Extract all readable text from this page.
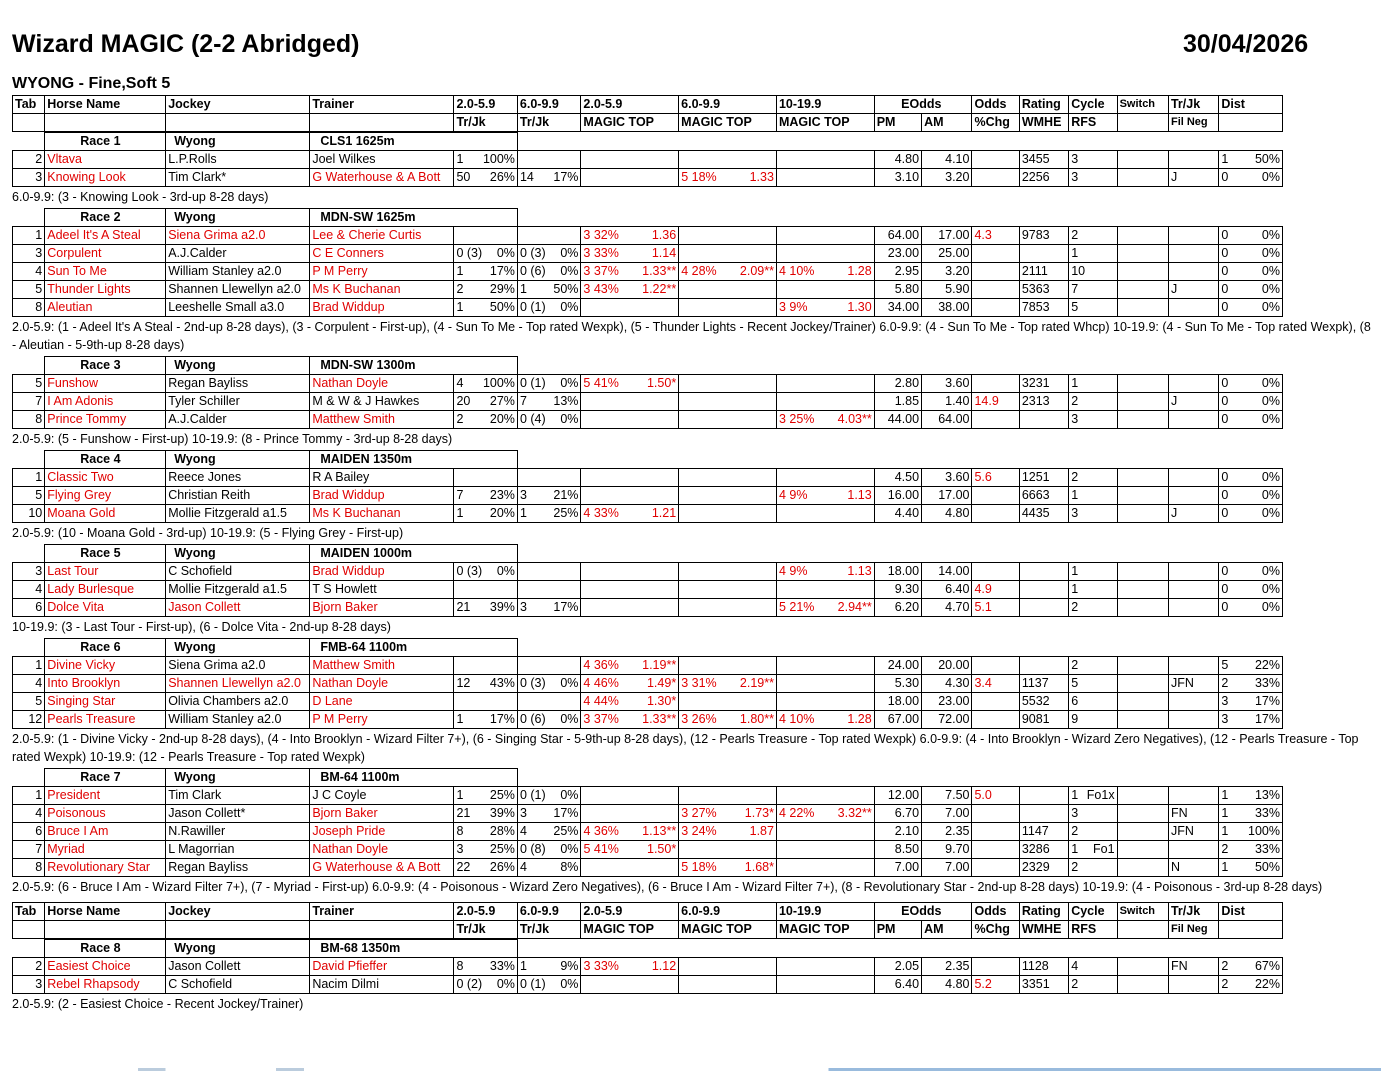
Wizard MAGIC (2-2 Abridged)	30/04/2026
WYONG - Fine,Soft 5
Tab	Horse Name	Jockey	Trainer	2.0-5.9	6.0-9.9	2.0-5.9	6.0-9.9	10-19.9	EOdds		Odds	Rating	Cycle	Switch	Tr/Jk	Dist
				Tr/Jk	Tr/Jk	MAGIC TOP	MAGIC TOP	MAGIC TOP	PM	AM	%Chg	WMHE	RFS		Fil Neg	
	Race 1	Wyong	CLS1 1625m													
2	Vltava	L.P.Rolls	Joel Wilkes	1 100%					4.80	4.10		3455	3			1 50%

3	Knowing Look	Tim Clark*	G Waterhouse & A Bott	50 26%	14 17%		5 18% 1.33		3.10	3.20		2256	3		J	0 0%
6.0-9.9: (3 - Knowing Look - 3rd-up 8-28 days)
	Race 2	Wyong	MDN-SW 1625m													
1	Adeel It's A Steal	Siena Grima a2.0	Lee & Cherie Curtis			3 32% 1.36			64.00	17.00	4.3	9783	2			0 0%

3	Corpulent	A.J.Calder	C E Conners	0 (3) 0%	0 (3) 0%	3 33% 1.14			23.00	25.00			1			0 0%

4	Sun To Me	William Stanley a2.0	P M Perry	1 17%	0 (6) 0%	3 37% 1.33**	4 28% 2.09**	4 10% 1.28	2.95	3.20		2111	10			0 0%

5	Thunder Lights	Shannen Llewellyn a2.0	Ms K Buchanan	2 29%	1 50%	3 43% 1.22**			5.80	5.90		5363	7		J	0 0%

8	Aleutian	Leeshelle Small a3.0	Brad Widdup	1 50%	0 (1) 0%			3 9% 1.30	34.00	38.00		7853	5			0 0%
2.0-5.9: (1 - Adeel It's A Steal - 2nd-up 8-28 days), (3 - Corpulent - First-up), (4 - Sun To Me - Top rated Wexpk), (5 - Thunder Lights - Recent Jockey/Trainer) 6.0-9.9: (4 - Sun To Me - Top rated Whcp) 10-19.9: (4 - Sun To Me - Top rated Wexpk), (8 - Aleutian - 5-9th-up 8-28 days)
	Race 3	Wyong	MDN-SW 1300m													
5	Funshow	Regan Bayliss	Nathan Doyle	4 100%	0 (1) 0%	5 41% 1.50*			2.80	3.60		3231	1			0 0%

7	I Am Adonis	Tyler Schiller	M & W & J Hawkes	20 27%	7 13%				1.85	1.40	14.9	2313	2		J	0 0%

8	Prince Tommy	A.J.Calder	Matthew Smith	2 20%	0 (4) 0%			3 25% 4.03**	44.00	64.00			3			0 0%
2.0-5.9: (5 - Funshow - First-up) 10-19.9: (8 - Prince Tommy - 3rd-up 8-28 days)
	Race 4	Wyong	MAIDEN 1350m													
1	Classic Two	Reece Jones	R A Bailey						4.50	3.60	5.6	1251	2			0 0%

5	Flying Grey	Christian Reith	Brad Widdup	7 23%	3 21%			4 9% 1.13	16.00	17.00		6663	1			0 0%

10	Moana Gold	Mollie Fitzgerald a1.5	Ms K Buchanan	1 20%	1 25%	4 33% 1.21			4.40	4.80		4435	3		J	0 0%
2.0-5.9: (10 - Moana Gold - 3rd-up) 10-19.9: (5 - Flying Grey - First-up)
	Race 5	Wyong	MAIDEN 1000m													
3	Last Tour	C Schofield	Brad Widdup	0 (3) 0%				4 9% 1.13	18.00	14.00			1			0 0%

4	Lady Burlesque	Mollie Fitzgerald a1.5	T S Howlett						9.30	6.40	4.9		1			0 0%

6	Dolce Vita	Jason Collett	Bjorn Baker	21 39%	3 17%			5 21% 2.94**	6.20	4.70	5.1		2			0 0%
10-19.9: (3 - Last Tour - First-up), (6 - Dolce Vita - 2nd-up 8-28 days)
	Race 6	Wyong	FMB-64 1100m													
1	Divine Vicky	Siena Grima a2.0	Matthew Smith			4 36% 1.19**			24.00	20.00			2			5 22%

4	Into Brooklyn	Shannen Llewellyn a2.0	Nathan Doyle	12 43%	0 (3) 0%	4 46% 1.49*	3 31% 2.19**		5.30	4.30	3.4	1137	5		JFN	2 33%

5	Singing Star	Olivia Chambers a2.0	D Lane			4 44% 1.30*			18.00	23.00		5532	6			3 17%

12	Pearls Treasure	William Stanley a2.0	P M Perry	1 17%	0 (6) 0%	3 37% 1.33**	3 26% 1.80**	4 10% 1.28	67.00	72.00		9081	9			3 17%
2.0-5.9: (1 - Divine Vicky - 2nd-up 8-28 days), (4 - Into Brooklyn - Wizard Filter 7+), (6 - Singing Star - 5-9th-up 8-28 days), (12 - Pearls Treasure - Top rated Wexpk) 6.0-9.9: (4 - Into Brooklyn - Wizard Zero Negatives), (12 - Pearls Treasure - Top rated Wexpk) 10-19.9: (12 - Pearls Treasure - Top rated Wexpk)
	Race 7	Wyong	BM-64 1100m													
1	President	Tim Clark	J C Coyle	1 25%	0 (1) 0%				12.00	7.50	5.0		1 Fo1x			1 13%

4	Poisonous	Jason Collett*	Bjorn Baker	21 39%	3 17%		3 27% 1.73*	4 22% 3.32**	6.70	7.00			3		FN	1 33%

6	Bruce I Am	N.Rawiller	Joseph Pride	8 28%	4 25%	4 36% 1.13**	3 24% 1.87		2.10	2.35		1147	2		JFN	1 100%

7	Myriad	L Magorrian	Nathan Doyle	3 25%	0 (8) 0%	5 41% 1.50*			8.50	9.70		3286	1 Fo1			2 33%

8	Revolutionary Star	Regan Bayliss	G Waterhouse & A Bott	22 26%	4 8%		5 18% 1.68*		7.00	7.00		2329	2		N	1 50%
2.0-5.9: (6 - Bruce I Am - Wizard Filter 7+), (7 - Myriad - First-up) 6.0-9.9: (4 - Poisonous - Wizard Zero Negatives), (6 - Bruce I Am - Wizard Filter 7+), (8 - Revolutionary Star - 2nd-up 8-28 days) 10-19.9: (4 - Poisonous - 3rd-up 8-28 days)
Tab	Horse Name	Jockey	Trainer	2.0-5.9	6.0-9.9	2.0-5.9	6.0-9.9	10-19.9	EOdds		Odds	Rating	Cycle	Switch	Tr/Jk	Dist
				Tr/Jk	Tr/Jk	MAGIC TOP	MAGIC TOP	MAGIC TOP	PM	AM	%Chg	WMHE	RFS		Fil Neg	
	Race 8	Wyong	BM-68 1350m													
2	Easiest Choice	Jason Collett	David Pfieffer	8 33%	1 9%	3 33% 1.12			2.05	2.35		1128	4		FN	2 67%

3	Rebel Rhapsody	C Schofield	Nacim Dilmi	0 (2) 0%	0 (1) 0%				6.40	4.80	5.2	3351	2			2 22%
2.0-5.9: (2 - Easiest Choice - Recent Jockey/Trainer)
